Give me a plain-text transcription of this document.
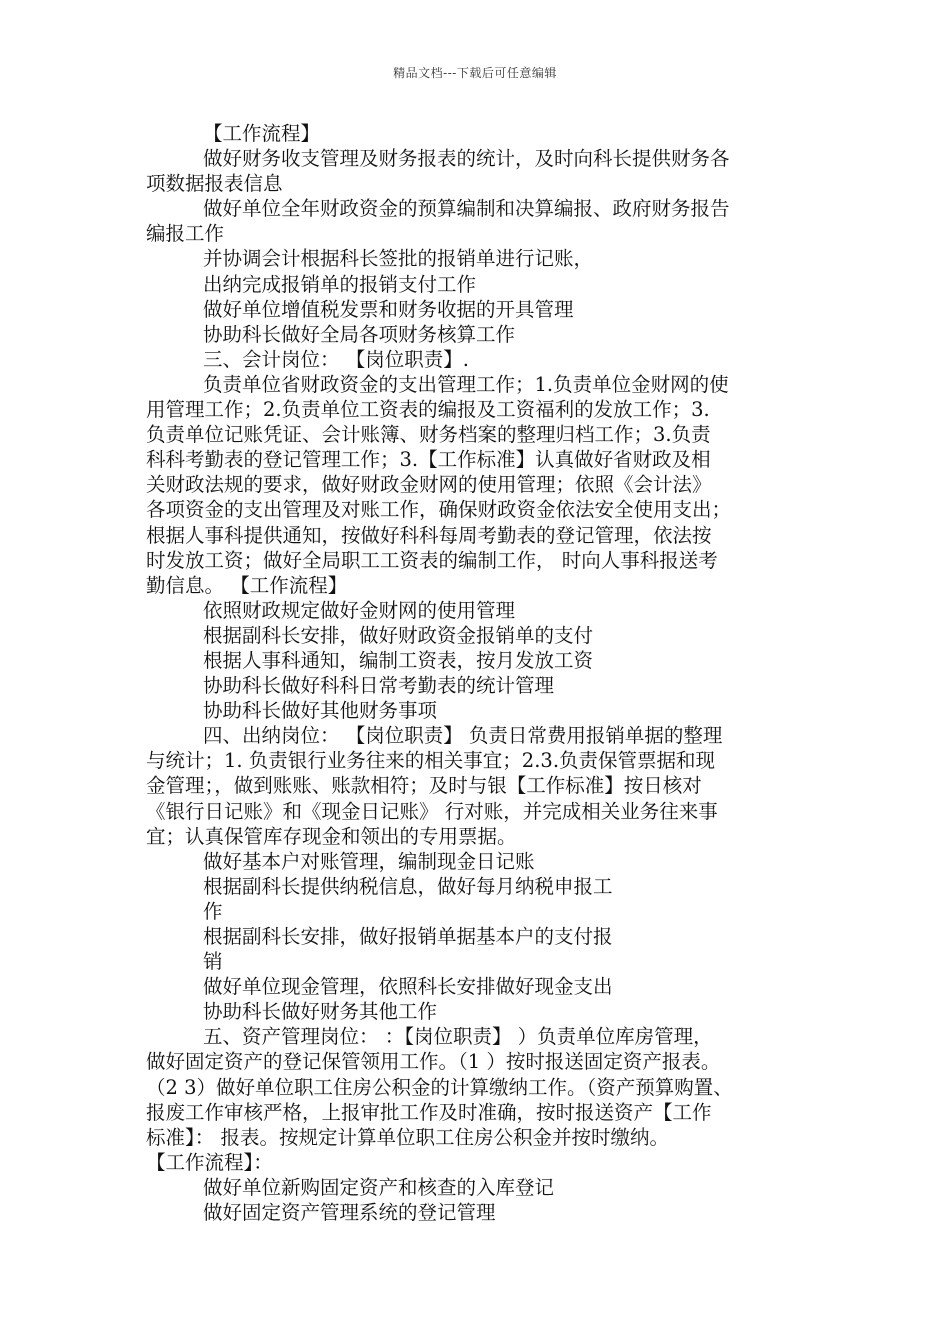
精品文档---下载后可任意编辑

【工作流程】

做好财务收支管理及财务报表的统计，及时向科长提供财务各

项数据报表信息

做好单位全年财政资金的预算编制和决算编报、政府财务报告

编报工作

并协调会计根据科长签批的报销单进行记账，

出纳完成报销单的报销支付工作

做好单位增值税发票和财务收据的开具管理

协助科长做好全局各项财务核算工作

三、会计岗位： 【岗位职责】.

负责单位省财政资金的支出管理工作；1.负责单位金财网的使

用管理工作；2.负责单位工资表的编报及工资福利的发放工作；3.

负责单位记账凭证、会计账簿、财务档案的整理归档工作；3.负责

科科考勤表的登记管理工作；3.【工作标准】认真做好省财政及相

关财政法规的要求，做好财政金财网的使用管理；依照《会计法》

各项资金的支出管理及对账工作，确保财政资金依法安全使用支出；

根据人事科提供通知，按做好科科每周考勤表的登记管理，依法按

时发放工资；做好全局职工工资表的编制工作， 时向人事科报送考

勤信息。 【工作流程】

依照财政规定做好金财网的使用管理

根据副科长安排，做好财政资金报销单的支付

根据人事科通知，编制工资表，按月发放工资

协助科长做好科科日常考勤表的统计管理

协助科长做好其他财务事项

四、出纳岗位： 【岗位职责】 负责日常费用报销单据的整理

与统计；1. 负责银行业务往来的相关事宜；2.3.负责保管票据和现

金管理；，做到账账、账款相符；及时与银【工作标准】按日核对

《银行日记账》和《现金日记账》 行对账，并完成相关业务往来事

宜；认真保管库存现金和领出的专用票据。

做好基本户对账管理，编制现金日记账

根据副科长提供纳税信息，做好每月纳税申报工

作

根据副科长安排，做好报销单据基本户的支付报

销

做好单位现金管理，依照科长安排做好现金支出

协助科长做好财务其他工作

五、资产管理岗位： ：【岗位职责】 ）负责单位库房管理，

做好固定资产的登记保管领用工作。（1 ）按时报送固定资产报表。

（2 3）做好单位职工住房公积金的计算缴纳工作。（资产预算购置、

报废工作审核严格，上报审批工作及时准确，按时报送资产【工作

标准】： 报表。按规定计算单位职工住房公积金并按时缴纳。

【工作流程】：

做好单位新购固定资产和核查的入库登记

做好固定资产管理系统的登记管理
